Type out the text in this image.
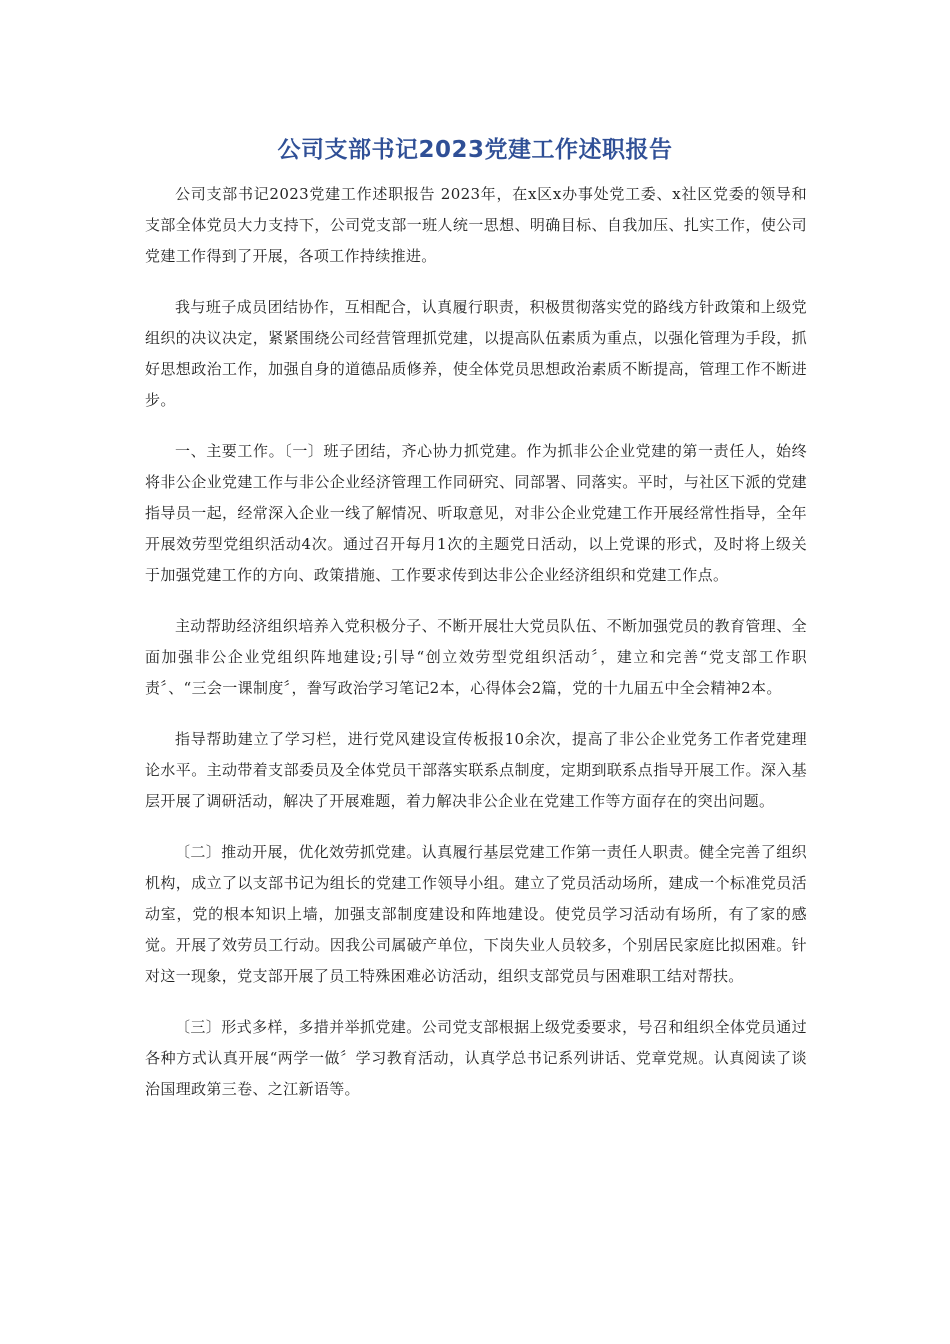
公司支部书记2023党建工作述职报告

公司支部书记2023党建工作述职报告 2023年，在x区x办事处党工委、x社区党委的领导和支部全体党员大力支持下，公司党支部一班人统一思想、明确目标、自我加压、扎实工作，使公司党建工作得到了开展，各项工作持续推进。

我与班子成员团结协作，互相配合，认真履行职责，积极贯彻落实党的路线方针政策和上级党组织的决议决定，紧紧围绕公司经营管理抓党建，以提高队伍素质为重点，以强化管理为手段，抓好思想政治工作，加强自身的道德品质修养，使全体党员思想政治素质不断提高，管理工作不断进步。

一、主要工作。〔一〕班子团结，齐心协力抓党建。作为抓非公企业党建的第一责任人，始终将非公企业党建工作与非公企业经济管理工作同研究、同部署、同落实。平时，与社区下派的党建指导员一起，经常深入企业一线了解情况、听取意见，对非公企业党建工作开展经常性指导，全年开展效劳型党组织活动4次。通过召开每月1次的主题党日活动，以上党课的形式，及时将上级关于加强党建工作的方向、政策措施、工作要求传到达非公企业经济组织和党建工作点。

主动帮助经济组织培养入党积极分子、不断开展壮大党员队伍、不断加强党员的教育管理、全面加强非公企业党组织阵地建设;引导“创立效劳型党组织活动〞，建立和完善“党支部工作职责〞、“三会一课制度〞，誊写政治学习笔记2本，心得体会2篇，党的十九届五中全会精神2本。

指导帮助建立了学习栏，进行党风建设宣传板报10余次，提高了非公企业党务工作者党建理论水平。主动带着支部委员及全体党员干部落实联系点制度，定期到联系点指导开展工作。深入基层开展了调研活动，解决了开展难题，着力解决非公企业在党建工作等方面存在的突出问题。

〔二〕推动开展，优化效劳抓党建。认真履行基层党建工作第一责任人职责。健全完善了组织机构，成立了以支部书记为组长的党建工作领导小组。建立了党员活动场所，建成一个标准党员活动室，党的根本知识上墙，加强支部制度建设和阵地建设。使党员学习活动有场所，有了家的感觉。开展了效劳员工行动。因我公司属破产单位，下岗失业人员较多，个别居民家庭比拟困难。针对这一现象，党支部开展了员工特殊困难必访活动，组织支部党员与困难职工结对帮扶。

〔三〕形式多样，多措并举抓党建。公司党支部根据上级党委要求，号召和组织全体党员通过各种方式认真开展“两学一做〞学习教育活动，认真学总书记系列讲话、党章党规。认真阅读了谈治国理政第三卷、之江新语等。
